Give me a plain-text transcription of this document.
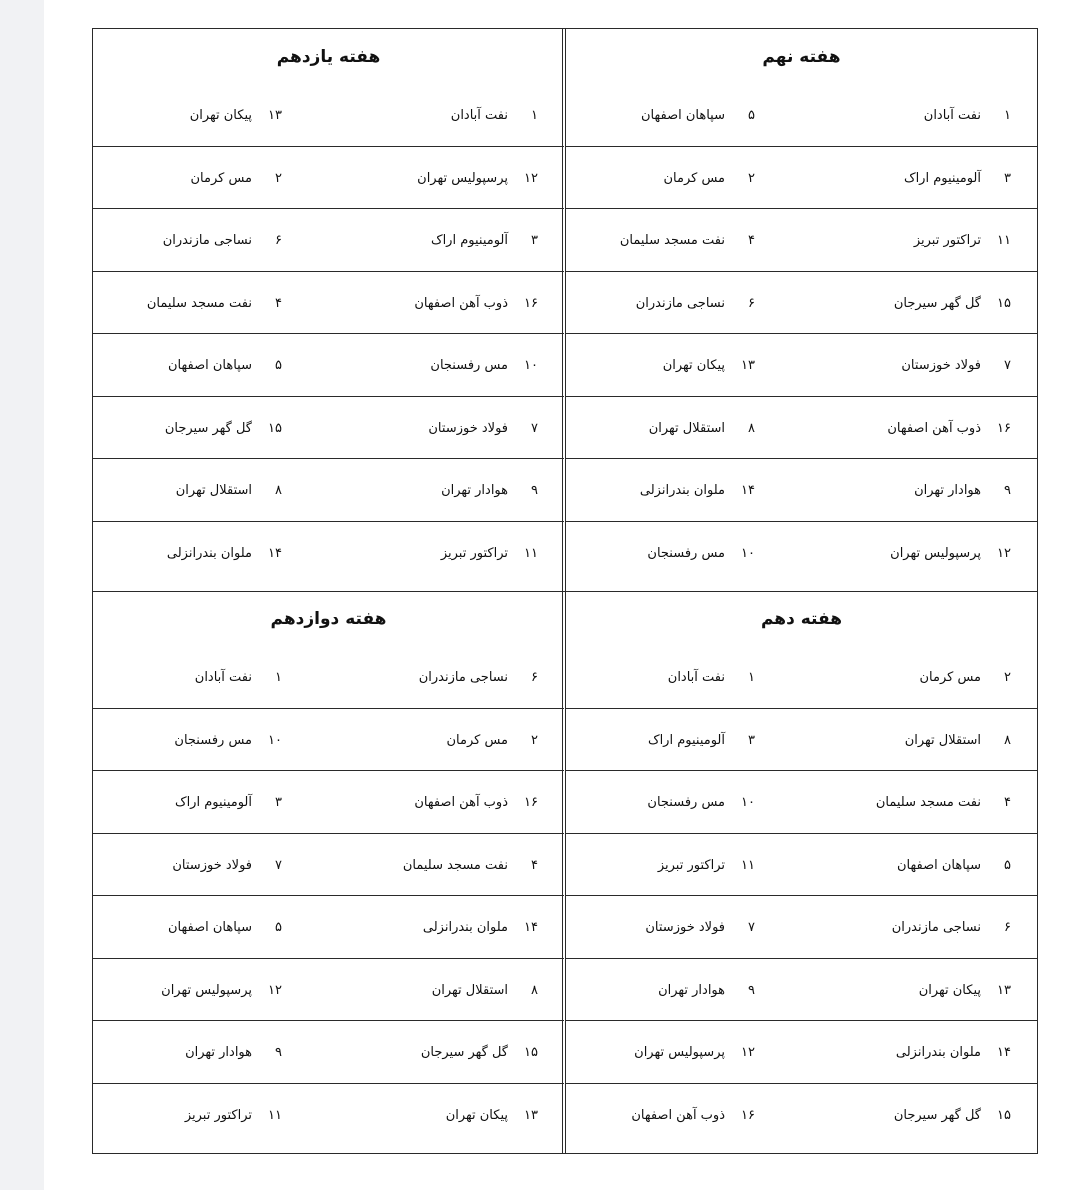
هفته نهم
۱نفت آبادان
۵سپاهان اصفهان
۳آلومینیوم اراک
۲مس کرمان
۱۱تراکتور تبریز
۴نفت مسجد سلیمان
۱۵گل گهر سیرجان
۶نساجی مازندران
۷فولاد خوزستان
۱۳پیکان تهران
۱۶ذوب آهن اصفهان
۸استقلال تهران
۹هوادار تهران
۱۴ملوان بندرانزلی
۱۲پرسپولیس تهران
۱۰مس رفسنجان
هفته یازدهم
۱نفت آبادان
۱۳پیکان تهران
۱۲پرسپولیس تهران
۲مس کرمان
۳آلومینیوم اراک
۶نساجی مازندران
۱۶ذوب آهن اصفهان
۴نفت مسجد سلیمان
۱۰مس رفسنجان
۵سپاهان اصفهان
۷فولاد خوزستان
۱۵گل گهر سیرجان
۹هوادار تهران
۸استقلال تهران
۱۱تراکتور تبریز
۱۴ملوان بندرانزلی
هفته دهم
۲مس کرمان
۱نفت آبادان
۸استقلال تهران
۳آلومینیوم اراک
۴نفت مسجد سلیمان
۱۰مس رفسنجان
۵سپاهان اصفهان
۱۱تراکتور تبریز
۶نساجی مازندران
۷فولاد خوزستان
۱۳پیکان تهران
۹هوادار تهران
۱۴ملوان بندرانزلی
۱۲پرسپولیس تهران
۱۵گل گهر سیرجان
۱۶ذوب آهن اصفهان
هفته دوازدهم
۶نساجی مازندران
۱نفت آبادان
۲مس کرمان
۱۰مس رفسنجان
۱۶ذوب آهن اصفهان
۳آلومینیوم اراک
۴نفت مسجد سلیمان
۷فولاد خوزستان
۱۴ملوان بندرانزلی
۵سپاهان اصفهان
۸استقلال تهران
۱۲پرسپولیس تهران
۱۵گل گهر سیرجان
۹هوادار تهران
۱۳پیکان تهران
۱۱تراکتور تبریز
